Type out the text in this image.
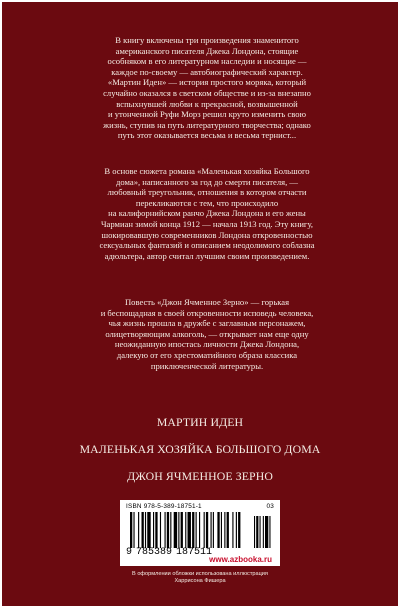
В книгу включены три произведения знаменитого
американского писателя Джека Лондона, стоящие
особняком в его литературном наследии и носящие —
каждое по-своему — автобиографический характер.
«Мартин Иден» — история простого моряка, который
случайно оказался в светском обществе и из-за внезапно
вспыхнувшей любви к прекрасной, возвышенной
и утонченной Руфи Морз решил круто изменить свою
жизнь, ступив на путь литературного творчества; однако
путь этот оказывается весьма и весьма тернист...
В основе сюжета романа «Маленькая хозяйка Большого
дома», написанного за год до смерти писателя, —
любовный треугольник, отношения в котором отчасти
перекликаются с тем, что происходило
на калифорнийском ранчо Джека Лондона и его жены
Чармиан зимой конца 1912 — начала 1913 год. Эту книгу,
шокировавшую современников Лондона откровенностью
сексуальных фантазий и описанием неодолимого соблазна
адюльтера, автор считал лучшим своим произведением.
Повесть «Джон Ячменное Зерно» — горькая
и беспощадная в своей откровенности исповедь человека,
чья жизнь прошла в дружбе с заглавным персонажем,
олицетворяющим алкоголь, — открывает нам еще одну
неожиданную ипостась личности Джека Лондона,
далекую от его хрестоматийного образа классика
приключенческой литературы.
МАРТИН ИДЕН
МАЛЕНЬКАЯ ХОЗЯЙКА БОЛЬШОГО ДОМА
ДЖОН ЯЧМЕННОЕ ЗЕРНО
ISBN 978-5-389-18751-1	03
9 785389 187511
www.azbooka.ru
В оформлении обложки использована иллюстрация
Харрисона Фишера
